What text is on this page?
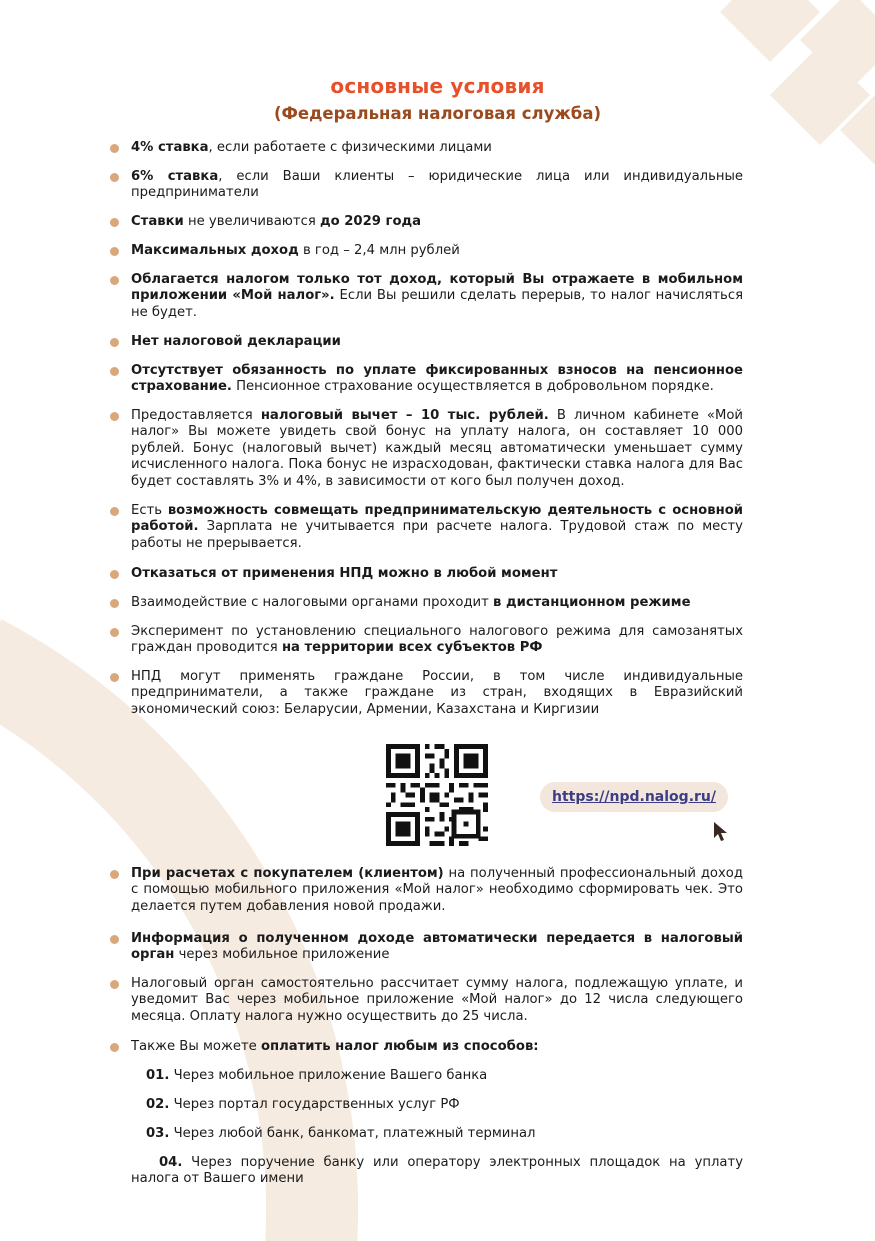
основные условия
(Федеральная налоговая служба)
4% ставка, если работаете с физическими лицами
6% ставка, если Ваши клиенты – юридические лица или индивидуальные предприниматели
Ставки не увеличиваются до 2029 года
Максимальных доход в год – 2,4 млн рублей
Облагается налогом только тот доход, который Вы отражаете в мобильном приложении «Мой налог». Если Вы решили сделать перерыв, то налог начисляться не будет.
Нет налоговой декларации
Отсутствует обязанность по уплате фиксированных взносов на пенсионное страхование. Пенсионное страхование осуществляется в добровольном порядке.
Предоставляется налоговый вычет – 10 тыс. рублей. В личном кабинете «Мой налог» Вы можете увидеть свой бонус на уплату налога, он составляет 10 000 рублей. Бонус (налоговый вычет) каждый месяц автоматически уменьшает сумму исчисленного налога. Пока бонус не израсходован, фактически ставка налога для Вас будет составлять 3% и 4%, в зависимости от кого был получен доход.
Есть возможность совмещать предпринимательскую деятельность с основной работой. Зарплата не учитывается при расчете налога. Трудовой стаж по месту работы не прерывается.
Отказаться от применения НПД можно в любой момент
Взаимодействие с налоговыми органами проходит в дистанционном режиме
Эксперимент по установлению специального налогового режима для самозанятых граждан проводится на территории всех субъектов РФ
НПД могут применять граждане России, в том числе индивидуальные предприниматели, а также граждане из стран, входящих в Евразийский экономический союз: Беларусии, Армении, Казахстана и Киргизии
https://npd.nalog.ru/
При расчетах с покупателем (клиентом) на полученный профессиональный доход с помощью мобильного приложения «Мой налог» необходимо сформировать чек. Это делается путем добавления новой продажи.
Информация о полученном доходе автоматически передается в налоговый орган через мобильное приложение
Налоговый орган самостоятельно рассчитает сумму налога, подлежащую уплате, и уведомит Вас через мобильное приложение «Мой налог» до 12 числа следующего месяца. Оплату налога нужно осуществить до 25 числа.
Также Вы можете оплатить налог любым из способов:
01. Через мобильное приложение Вашего банка
02. Через портал государственных услуг РФ
03. Через любой банк, банкомат, платежный терминал
04. Через поручение банку или оператору электронных площадок на уплату налога от Вашего имени
